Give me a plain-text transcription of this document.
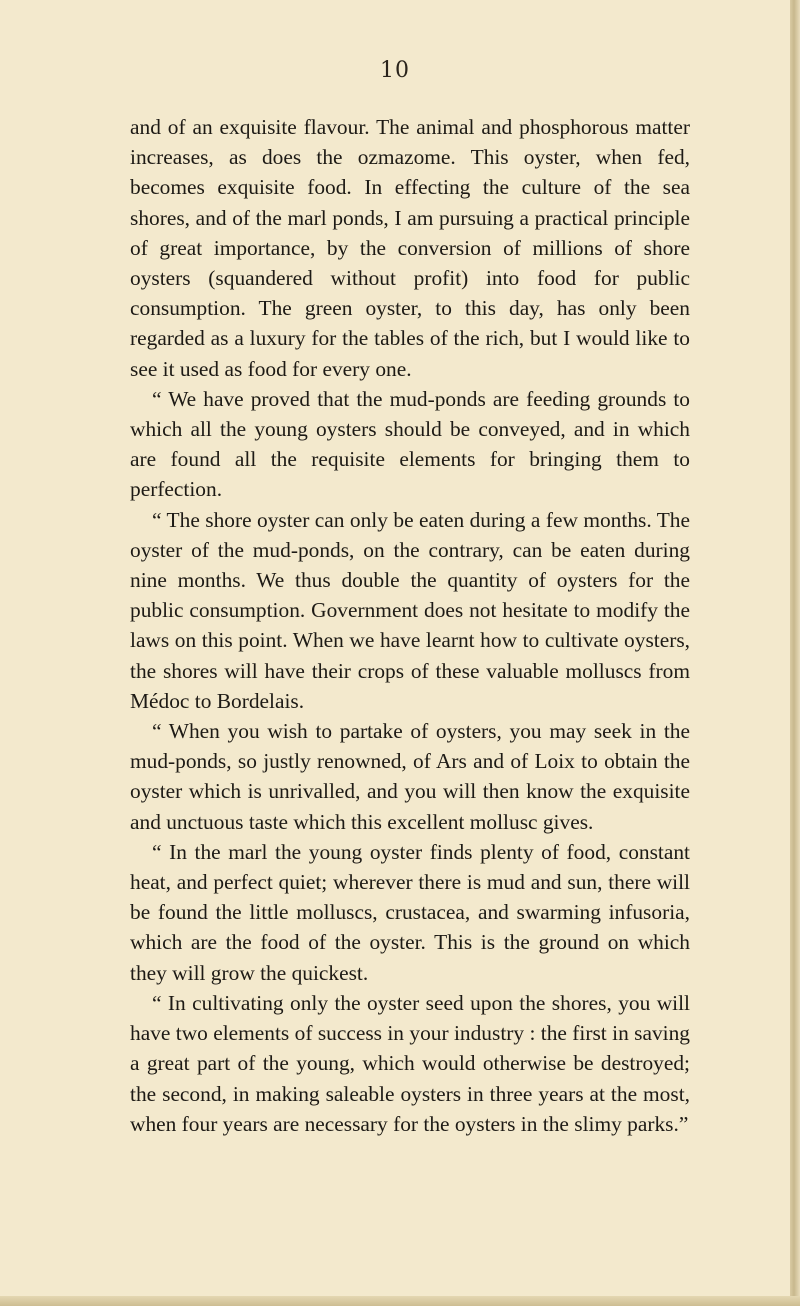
10

and of an exquisite flavour. The animal and phosphorous matter increases, as does the ozmazome. This oyster, when fed, becomes exquisite food. In effecting the culture of the sea shores, and of the marl ponds, I am pursuing a practical principle of great importance, by the conversion of millions of shore oysters (squandered without profit) into food for public consumption. The green oyster, to this day, has only been regarded as a luxury for the tables of the rich, but I would like to see it used as food for every one.

“ We have proved that the mud-ponds are feeding grounds to which all the young oysters should be conveyed, and in which are found all the requisite elements for bringing them to perfection.

“ The shore oyster can only be eaten during a few months. The oyster of the mud-ponds, on the contrary, can be eaten during nine months. We thus double the quantity of oysters for the public consumption. Government does not hesitate to modify the laws on this point. When we have learnt how to cultivate oysters, the shores will have their crops of these valuable molluscs from Médoc to Bordelais.

“ When you wish to partake of oysters, you may seek in the mud-ponds, so justly renowned, of Ars and of Loix to obtain the oyster which is unrivalled, and you will then know the exquisite and unctuous taste which this excellent mollusc gives.

“ In the marl the young oyster finds plenty of food, constant heat, and perfect quiet; wherever there is mud and sun, there will be found the little molluscs, crustacea, and swarming infusoria, which are the food of the oyster. This is the ground on which they will grow the quickest.

“ In cultivating only the oyster seed upon the shores, you will have two elements of success in your industry : the first in saving a great part of the young, which would otherwise be destroyed; the second, in making saleable oysters in three years at the most, when four years are necessary for the oysters in the slimy parks.”
